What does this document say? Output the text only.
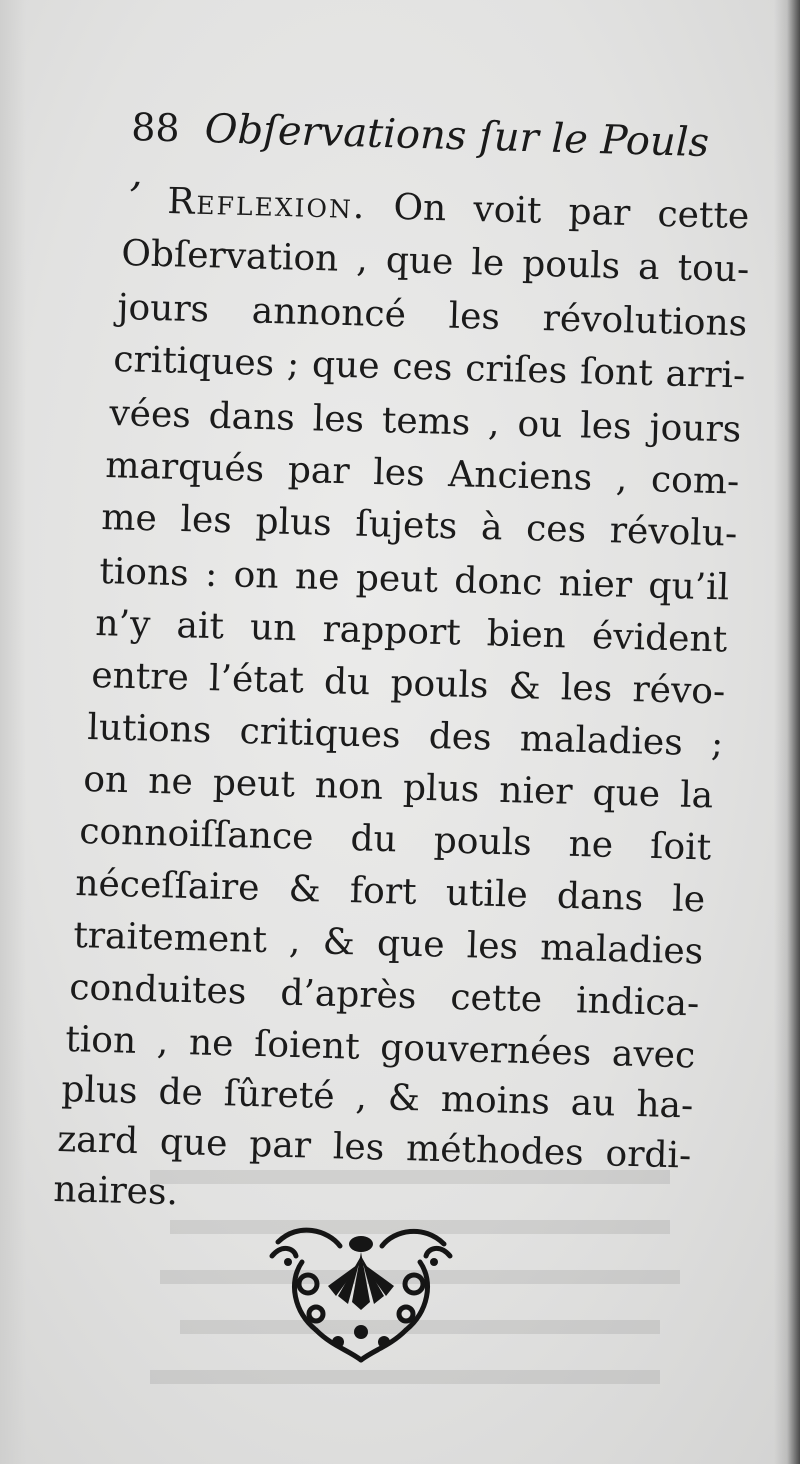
88 Obſervations ſur le Pouls ,
Reflexion. On voit par cette
Obſervation , que le pouls a tou-
jours annoncé les révolutions
critiques ; que ces criſes ſont arri-
vées dans les tems , ou les jours
marqués par les Anciens , com-
me les plus ſujets à ces révolu-
tions : on ne peut donc nier qu’il
n’y ait un rapport bien évident
entre l’état du pouls & les révo-
lutions critiques des maladies ;
on ne peut non plus nier que la
connoiſſance du pouls ne ſoit
néceſſaire & fort utile dans le
traitement , & que les maladies
conduites d’après cette indica-
tion , ne ſoient gouvernées avec
plus de ſûreté , & moins au ha-
zard que par les méthodes ordi-
naires.
